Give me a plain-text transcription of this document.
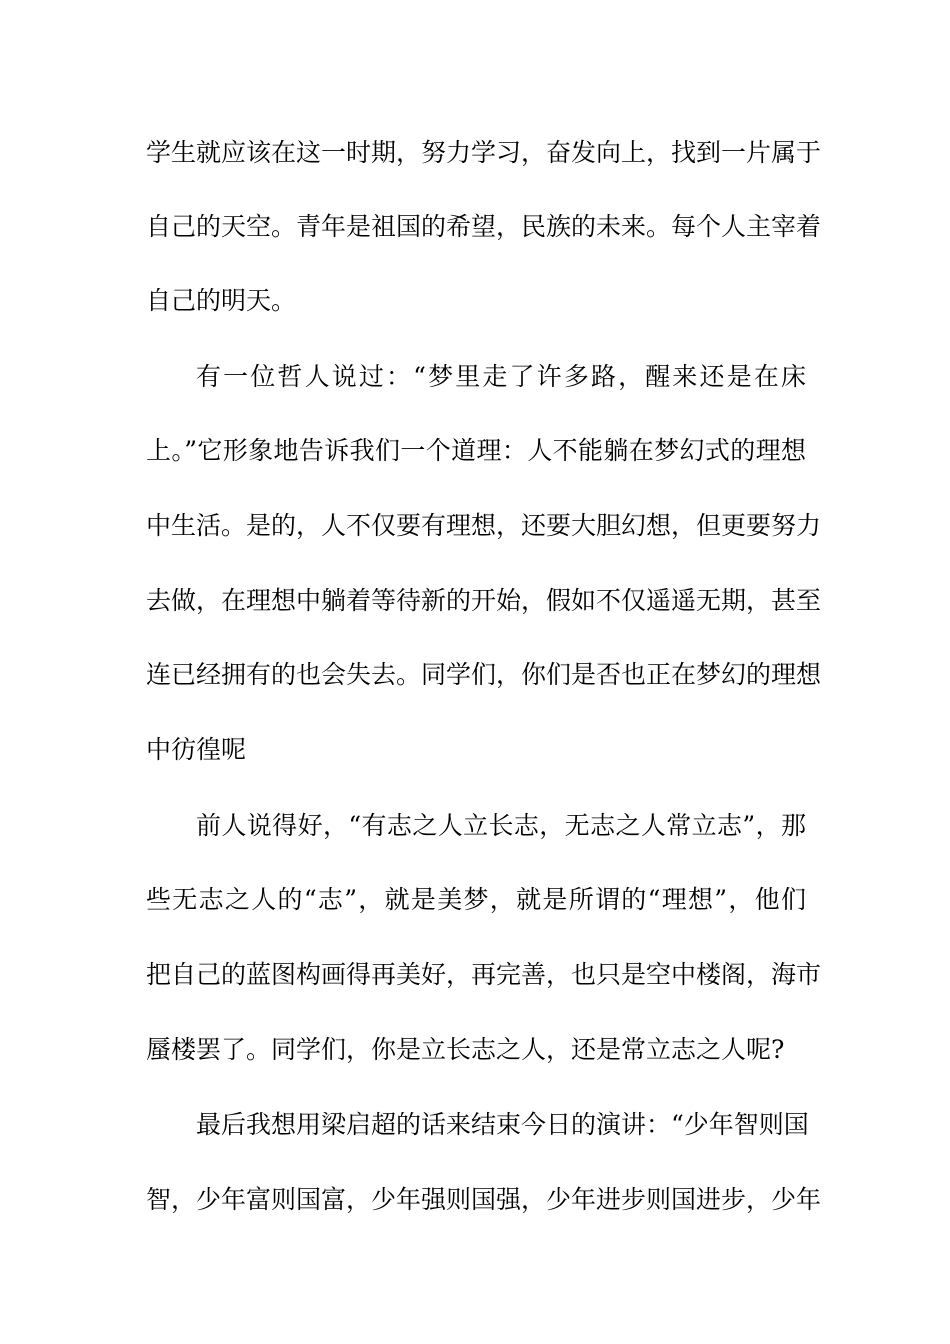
学生就应该在这一时期，努力学习，奋发向上，找到一片属于
自己的天空。青年是祖国的希望，民族的未来。每个人主宰着
自己的明天。
有一位哲人说过：“梦里走了许多路，醒来还是在床
上。”它形象地告诉我们一个道理：人不能躺在梦幻式的理想
中生活。是的，人不仅要有理想，还要大胆幻想，但更要努力
去做，在理想中躺着等待新的开始，假如不仅遥遥无期，甚至
连已经拥有的也会失去。同学们，你们是否也正在梦幻的理想
中彷徨呢
前人说得好，“有志之人立长志，无志之人常立志”，那
些无志之人的“志”，就是美梦，就是所谓的“理想”，他们
把自己的蓝图构画得再美好，再完善，也只是空中楼阁，海市
蜃楼罢了。同学们，你是立长志之人，还是常立志之人呢?
最后我想用梁启超的话来结束今日的演讲：“少年智则国
智，少年富则国富，少年强则国强，少年进步则国进步，少年
